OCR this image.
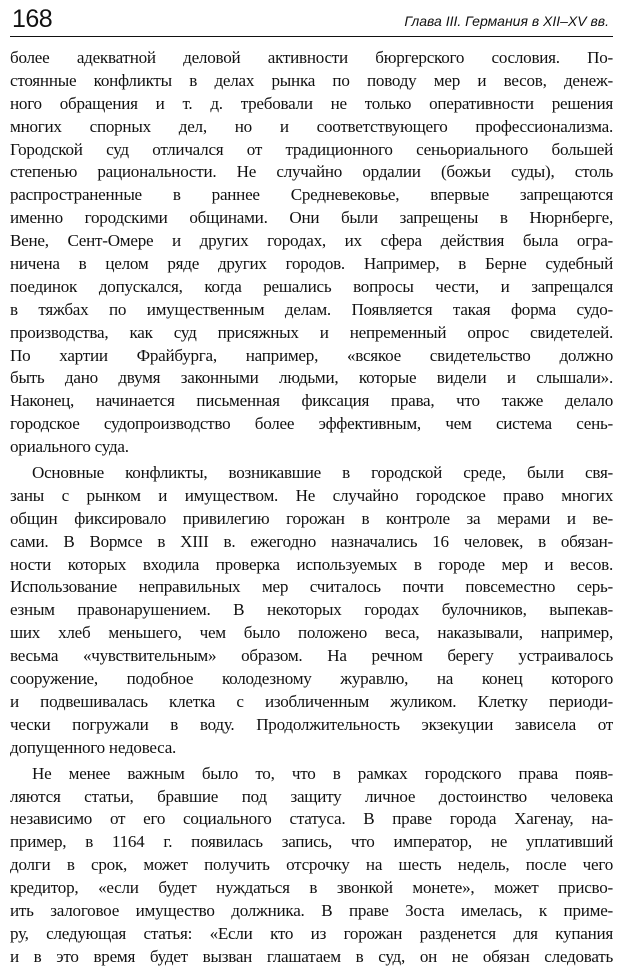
168	Глава III. Германия в XII–XV вв.
более адекватной деловой активности бюргерского сословия. По-
стоянные конфликты в делах рынка по поводу мер и весов, денеж-
ного обращения и т. д. требовали не только оперативности решения
многих спорных дел, но и соответствующего профессионализма.
Городской суд отличался от традиционного сеньориального большей
степенью рациональности. Не случайно ордалии (божьи суды), столь
распространенные в раннее Средневековье, впервые запрещаются
именно городскими общинами. Они были запрещены в Нюрнберге,
Вене, Сент-Омере и других городах, их сфера действия была огра-
ничена в целом ряде других городов. Например, в Берне судебный
поединок допускался, когда решались вопросы чести, и запрещался
в тяжбах по имущественным делам. Появляется такая форма судо-
производства, как суд присяжных и непременный опрос свидетелей.
По хартии Фрайбурга, например, «всякое свидетельство должно
быть дано двумя законными людьми, которые видели и слышали».
Наконец, начинается письменная фиксация права, что также делало
городское судопроизводство более эффективным, чем система сень-
ориального суда.
Основные конфликты, возникавшие в городской среде, были свя-
заны с рынком и имуществом. Не случайно городское право многих
общин фиксировало привилегию горожан в контроле за мерами и ве-
сами. В Вормсе в XIII в. ежегодно назначались 16 человек, в обязан-
ности которых входила проверка используемых в городе мер и весов.
Использование неправильных мер считалось почти повсеместно серь-
езным правонарушением. В некоторых городах булочников, выпекав-
ших хлеб меньшего, чем было положено веса, наказывали, например,
весьма «чувствительным» образом. На речном берегу устраивалось
сооружение, подобное колодезному журавлю, на конец которого
и подвешивалась клетка с изобличенным жуликом. Клетку периоди-
чески погружали в воду. Продолжительность экзекуции зависела от
допущенного недовеса.
Не менее важным было то, что в рамках городского права появ-
ляются статьи, бравшие под защиту личное достоинство человека
независимо от его социального статуса. В праве города Хагенау, на-
пример, в 1164 г. появилась запись, что император, не уплативший
долги в срок, может получить отсрочку на шесть недель, после чего
кредитор, «если будет нуждаться в звонкой монете», может присво-
ить залоговое имущество должника. В праве Зоста имелась, к приме-
ру, следующая статья: «Если кто из горожан разденется для купания
и в это время будет вызван глашатаем в суд, он не обязан следовать
